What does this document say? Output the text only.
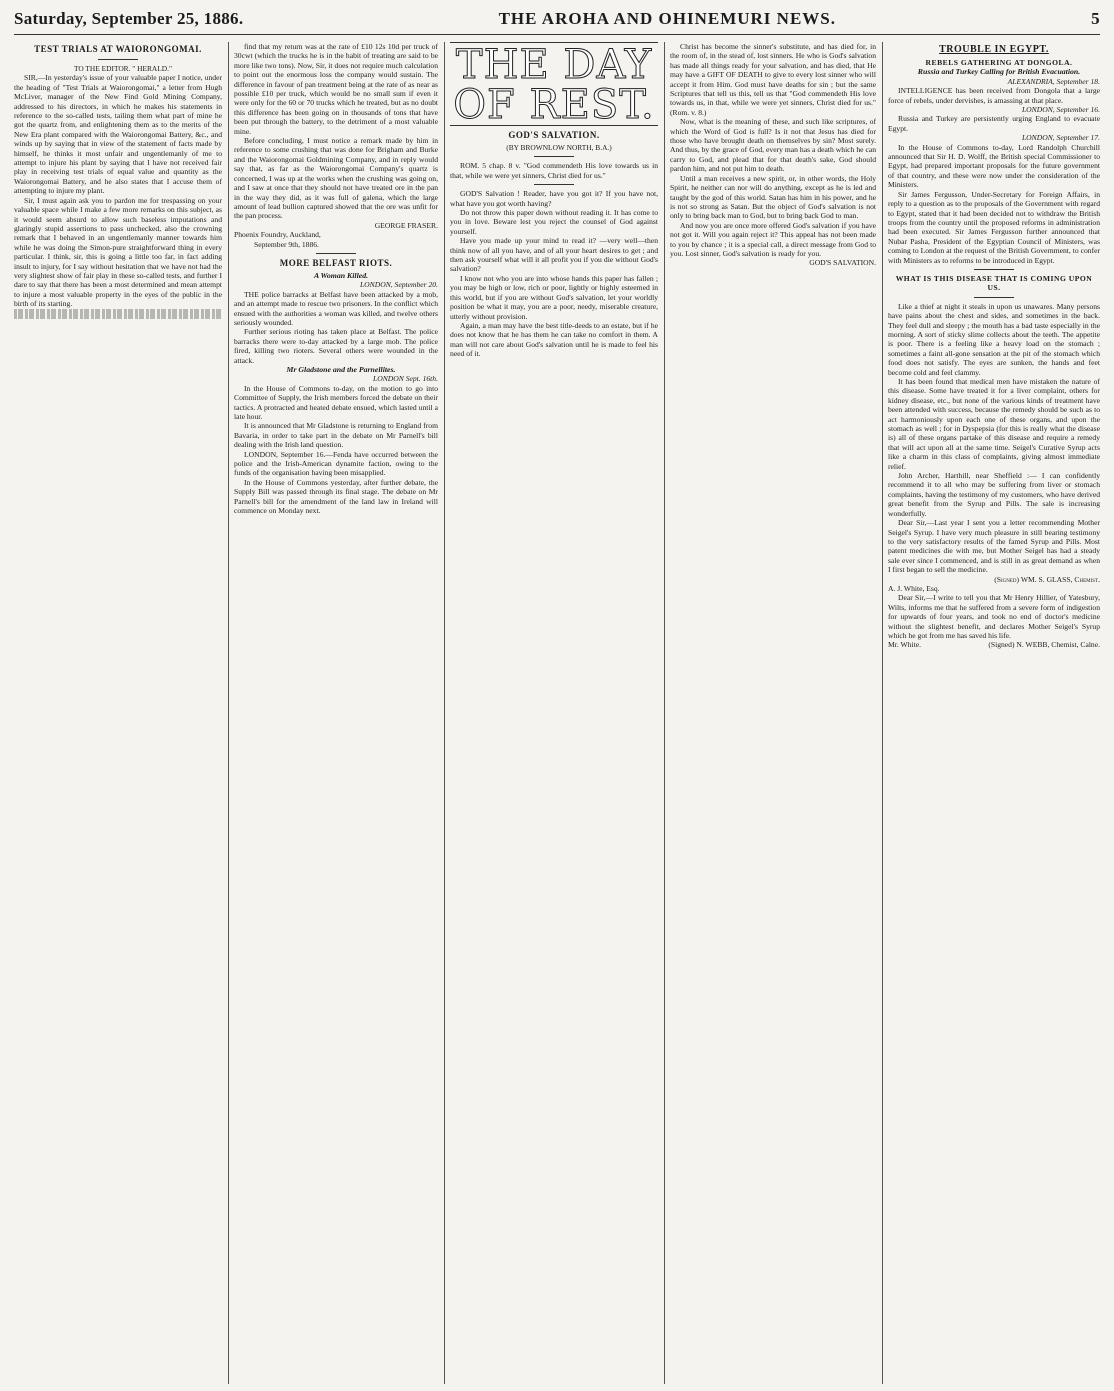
Saturday, September 25, 1886.	THE AROHA AND OHINEMURI NEWS.	5
TEST TRIALS AT WAIORONGOMAI.

TO THE EDITOR. " HERALD."

SIR,—In yesterday's issue of your valuable paper I notice, under the heading of "Test Trials at Waiorongomai," a letter from Hugh McLiver, manager of the New Find Gold Mining Company, addressed to his directors, in which he makes his statements in reference to the so-called tests, tailing them what part of mine he got the quartz from, and enlightening them as to the merits of the New Era plant compared with the Waiorongomai Battery, &c., and winds up by saying that in view of the statement of facts made by himself, he thinks it most unfair and ungentlemanly of me to attempt to injure his plant by saying that I have not received fair play in receiving test trials of equal value and quantity as the Waiorongomai Battery, and he also states that I accuse them of attempting to injure my plant.

Sir, I must again ask you to pardon me for trespassing on your valuable space while I make a few more remarks on this subject, as it would seem absurd to allow such baseless imputations and glaringly stupid assertions to pass unchecked, also the crowning remark that I behaved in an ungentlemanly manner towards him while he was doing the Simon-pure straightforward thing in every particular. I think, sir, this is going a little too far, in fact adding insult to injury, for I say without hesitation that we have not had the very slightest show of fair play in these so-called tests, and further I dare to say that there has been a most determined and mean attempt to injure a most valuable property in the eyes of the public in the birth of its starting.

find that my return was at the rate of £10 12s 10d per truck of 30cwt (which the trucks he is in the habit of treating are said to be more like two tons). Now, Sir, it does not require much calculation to point out the enormous loss the company would sustain. The difference in favour of pan treatment being at the rate of as near as possible £10 per truck, which would be no small sum if even it were only for the 60 or 70 trucks which he treated, but as no doubt this difference has been going on in thousands of tons that have been put through the battery, to the detriment of a most valuable mine.

Before concluding, I must notice a remark made by him in reference to some crushing that was done for Brigham and Burke and the Waiorongomai Goldmining Company, and in reply would say that, as far as the Waiorongomai Company's quartz is concerned, I was up at the works when the crushing was going on, and I saw at once that they should not have treated ore in the pan in the way they did, as it was full of galena, which the large amount of lead bullion captured showed that the ore was unfit for the pan process.

GEORGE FRASER.

Phoenix Foundry, Auckland,

September 9th, 1886.

MORE BELFAST RIOTS.

A Woman Killed.

LONDON, September 20.

THE police barracks at Belfast have been attacked by a mob, and an attempt made to rescue two prisoners. In the conflict which ensued with the authorities a woman was killed, and twelve others seriously wounded.

Further serious rioting has taken place at Belfast. The police barracks there were to-day attacked by a large mob. The police fired, killing two rioters. Several others were wounded in the attack.

Mr Gladstone and the Parnellites.

LONDON Sept. 16th.

In the House of Commons to-day, on the motion to go into Committee of Supply, the Irish members forced the debate on their tactics. A protracted and heated debate ensued, which lasted until a late hour.

It is announced that Mr Gladstone is returning to England from Bavaria, in order to take part in the debate on Mr Parnell's bill dealing with the Irish land question.

LONDON, September 16.—Fenda have occurred between the police and the Irish-American dynamite faction, owing to the funds of the organisation having been misapplied.

In the House of Commons yesterday, after further debate, the Supply Bill was passed through its final stage. The debate on Mr Parnell's bill for the amendment of the land law in Ireland will commence on Monday next.

THE DAY OF REST.
GOD'S SALVATION.

(BY BROWNLOW NORTH, B.A.)

ROM. 5 chap. 8 v. "God commendeth His love towards us in that, while we were yet sinners, Christ died for us."

GOD'S Salvation ! Reader, have you got it? If you have not, what have you got worth having?

Do not throw this paper down without reading it. It has come to you in love. Beware lest you reject the counsel of God against yourself.

Have you made up your mind to read it? —very well—then think now of all you have, and of all your heart desires to get ; and then ask yourself what will it all profit you if you die without God's salvation?

I know not who you are into whose hands this paper has fallen ; you may be high or low, rich or poor, lightly or highly esteemed in this world, but if you are without God's salvation, let your worldly position be what it may, you are a poor, needy, miserable creature, utterly without provision.

Again, a man may have the best title-deeds to an estate, but if he does not know that he has them he can take no comfort in them. A man will not care about God's salvation until he is made to feel his need of it.

Christ has become the sinner's substitute, and has died for, in the room of, in the stead of, lost sinners. He who is God's salvation has made all things ready for your salvation, and has died, that He may have a GIFT OF DEATH to give to every lost sinner who will accept it from Him. God must have deaths for sin ; but the same Scriptures that tell us this, tell us that "God commendeth His love towards us, in that, while we were yet sinners, Christ died for us." (Rom. v. 8.)

Now, what is the meaning of these, and such like scriptures, of which the Word of God is full? Is it not that Jesus has died for those who have brought death on themselves by sin? Most surely. And thus, by the grace of God, every man has a death which he can carry to God, and plead that for that death's sake, God should pardon him, and not put him to death.

Until a man receives a new spirit, or, in other words, the Holy Spirit, he neither can nor will do anything, except as he is led and taught by the god of this world. Satan has him in his power, and he is not so strong as Satan. But the object of God's salvation is not only to bring back man to God, but to bring back God to man.

And now you are once more offered God's salvation if you have not got it. Will you again reject it? This appeal has not been made to you by chance ; it is a special call, a direct message from God to you. Lost sinner, God's salvation is ready for you.

GOD'S SALVATION.

TROUBLE IN EGYPT.

REBELS GATHERING AT DONGOLA.

Russia and Turkey Calling for British Evacuation.

ALEXANDRIA, September 18.

INTELLIGENCE has been received from Dongola that a large force of rebels, under dervishes, is amassing at that place.

LONDON, September 16.

Russia and Turkey are persistently urging England to evacuate Egypt.

LONDON, September 17.

In the House of Commons to-day, Lord Randolph Churchill announced that Sir H. D. Wolff, the British special Commissioner to Egypt, had prepared important proposals for the future government of that country, and these were now under the consideration of the Ministers.

Sir James Fergusson, Under-Secretary for Foreign Affairs, in reply to a question as to the proposals of the Government with regard to Egypt, stated that it had been decided not to withdraw the British troops from the country until the proposed reforms in administration had been executed. Sir James Fergusson further announced that Nubar Pasha, President of the Egyptian Council of Ministers, was coming to London at the request of the British Government, to confer with Ministers as to reforms to be introduced in Egypt.

WHAT IS THIS DISEASE THAT IS COMING UPON US.

Like a thief at night it steals in upon us unawares. Many persons have pains about the chest and sides, and sometimes in the back. They feel dull and sleepy ; the mouth has a bad taste especially in the morning. A sort of sticky slime collects about the teeth. The appetite is poor. There is a feeling like a heavy load on the stomach ; sometimes a faint all-gone sensation at the pit of the stomach which food does not satisfy. The eyes are sunken, the hands and feet become cold and feel clammy.

It has been found that medical men have mistaken the nature of this disease. Some have treated it for a liver complaint, others for kidney disease, etc., but none of the various kinds of treatment have been attended with success, because the remedy should be such as to act harmoniously upon each one of these organs, and upon the stomach as well ; for in Dyspepsia (for this is really what the disease is) all of these organs partake of this disease and require a remedy that will act upon all at the same time. Seigel's Curative Syrup acts like a charm in this class of complaints, giving almost immediate relief.

John Archer, Harthill, near Sheffield :— I can confidently recommend it to all who may be suffering from liver or stomach complaints, having the testimony of my customers, who have derived great benefit from the Syrup and Pills. The sale is increasing wonderfully.

Dear Sir,—Last year I sent you a letter recommending Mother Seigel's Syrup. I have very much pleasure in still bearing testimony to the very satisfactory results of the famed Syrup and Pills. Most patent medicines die with me, but Mother Seigel has had a steady sale ever since I commenced, and is still in as great demand as when I first began to sell the medicine.

(Signed) WM. S. GLASS, Chemist.

A. J. White, Esq.

Dear Sir,—I write to tell you that Mr Henry Hillier, of Yatesbury, Wilts, informs me that he suffered from a severe form of indigestion for upwards of four years, and took no end of doctor's medicine without the slightest benefit, and declares Mother Seigel's Syrup which he got from me has saved his life.

Mr. White.	(Signed) N. WEBB, Chemist, Calne.
